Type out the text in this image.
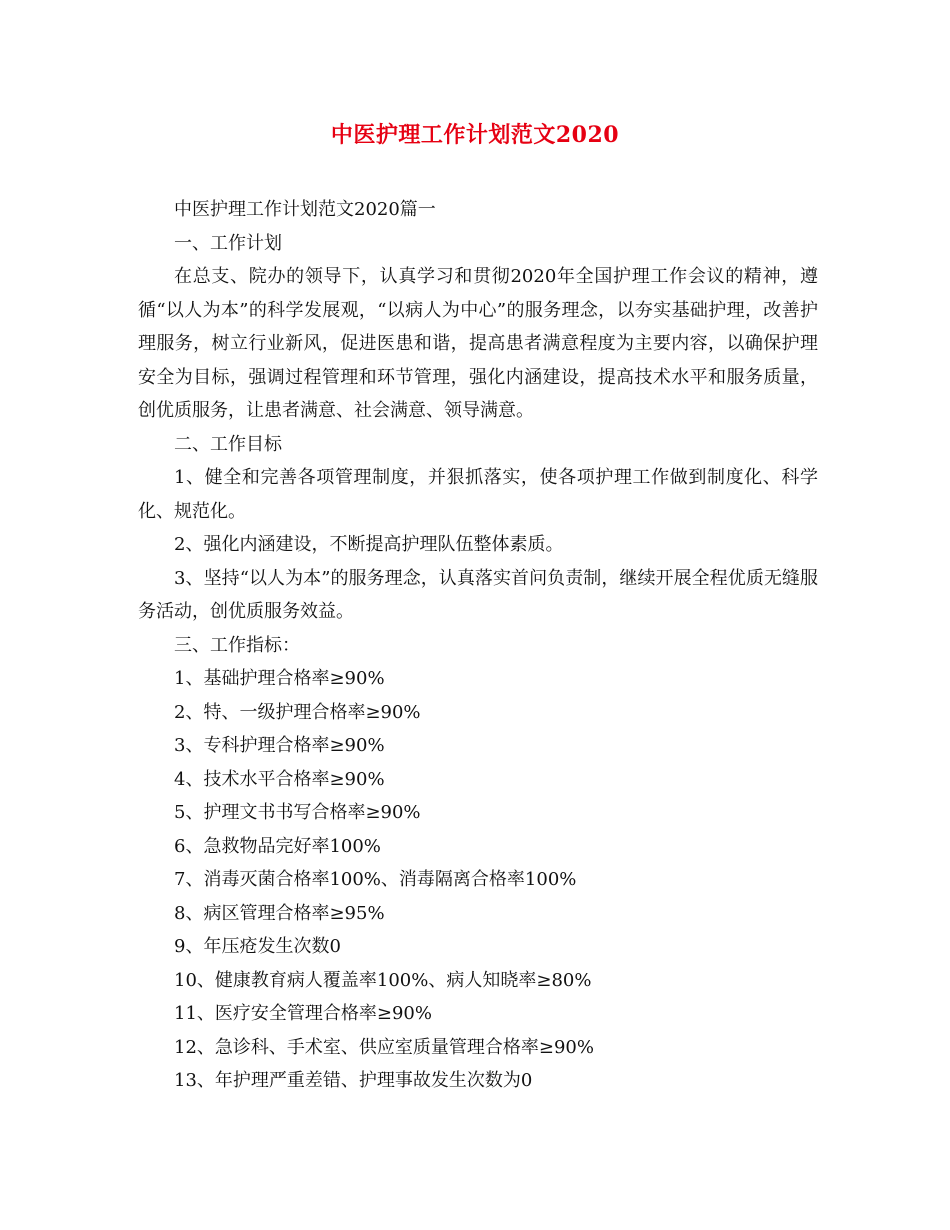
中医护理工作计划范文2020

中医护理工作计划范文2020篇一

一、工作计划

在总支、院办的领导下，认真学习和贯彻2020年全国护理工作会议的精神，遵循“以人为本”的科学发展观，“以病人为中心”的服务理念，以夯实基础护理，改善护理服务，树立行业新风，促进医患和谐，提高患者满意程度为主要内容，以确保护理安全为目标，强调过程管理和环节管理，强化内涵建设，提高技术水平和服务质量，创优质服务，让患者满意、社会满意、领导满意。

二、工作目标

1、健全和完善各项管理制度，并狠抓落实，使各项护理工作做到制度化、科学化、规范化。

2、强化内涵建设，不断提高护理队伍整体素质。

3、坚持“以人为本”的服务理念，认真落实首问负责制，继续开展全程优质无缝服务活动，创优质服务效益。

三、工作指标：

1、基础护理合格率≥90%

2、特、一级护理合格率≥90%

3、专科护理合格率≥90%

4、技术水平合格率≥90%

5、护理文书书写合格率≥90%

6、急救物品完好率100%

7、消毒灭菌合格率100%、消毒隔离合格率100%

8、病区管理合格率≥95%

9、年压疮发生次数0

10、健康教育病人覆盖率100%、病人知晓率≥80%

11、医疗安全管理合格率≥90%

12、急诊科、手术室、供应室质量管理合格率≥90%

13、年护理严重差错、护理事故发生次数为0
